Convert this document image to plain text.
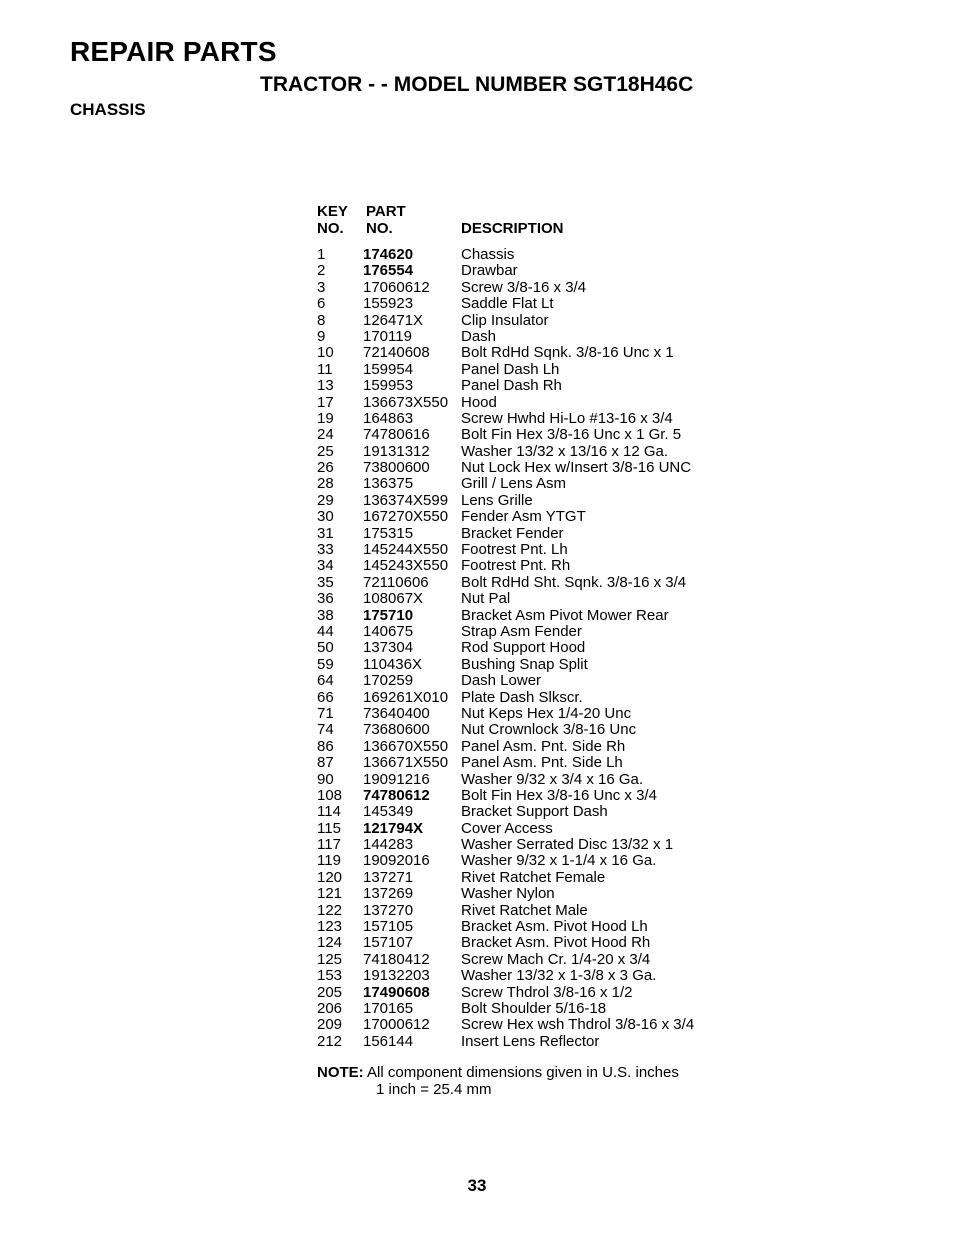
REPAIR PARTS
TRACTOR - - MODEL NUMBER SGT18H46C
CHASSIS
KEY
NO.
PART
NO.	DESCRIPTION
1	174620	Chassis
2	176554	Drawbar
3	17060612 Screw 3/8-16 x 3/4
6	155923	Saddle Flat Lt
8	126471X	Clip Insulator
9	170119	Dash
10 72140608 Bolt RdHd Sqnk. 3/8-16 Unc x 1
11 159954	Panel Dash Lh
13 159953	Panel Dash Rh
17 136673X550 Hood
19 164863	Screw Hwhd Hi-Lo #13-16 x 3/4
24 74780616 Bolt Fin Hex 3/8-16 Unc x 1 Gr. 5
25 19131312 Washer 13/32 x 13/16 x 12 Ga.
26 73800600 Nut Lock Hex w/Insert 3/8-16 UNC
28 136375	Grill / Lens Asm
29 136374X599 Lens Grille
30 167270X550 Fender Asm YTGT
31 175315	Bracket Fender
33 145244X550 Footrest Pnt. Lh
34 145243X550 Footrest Pnt. Rh
35 72110606 Bolt RdHd Sht. Sqnk. 3/8-16 x 3/4
36 108067X	Nut Pal
38 175710	Bracket Asm Pivot Mower Rear
44 140675	Strap Asm Fender
50 137304	Rod Support Hood
59 110436X	Bushing Snap Split
64 170259	Dash Lower
66 169261X010 Plate Dash Slkscr.
71 73640400 Nut Keps Hex 1/4-20 Unc
74 73680600 Nut Crownlock 3/8-16 Unc
86 136670X550 Panel Asm. Pnt. Side Rh
87 136671X550 Panel Asm. Pnt. Side Lh
90 19091216 Washer 9/32 x 3/4 x 16 Ga.
108 74780612 Bolt Fin Hex 3/8-16 Unc x 3/4
114 145349	Bracket Support Dash
115 121794X	Cover Access
117 144283	Washer Serrated Disc 13/32 x 1
119 19092016 Washer 9/32 x 1-1/4 x 16 Ga.
120 137271	Rivet Ratchet Female
121 137269	Washer Nylon
122 137270	Rivet Ratchet Male
123 157105	Bracket Asm. Pivot Hood Lh
124 157107	Bracket Asm. Pivot Hood Rh
125 74180412 Screw Mach Cr. 1/4-20 x 3/4
153 19132203 Washer 13/32 x 1-3/8 x 3 Ga.
205 17490608 Screw Thdrol 3/8-16 x 1/2
206 170165	Bolt Shoulder 5/16-18
209 17000612 Screw Hex wsh Thdrol 3/8-16 x 3/4
212 156144	Insert Lens Reflector
NOTE: All component dimensions given in U.S. inches
1 inch = 25.4 mm
33
